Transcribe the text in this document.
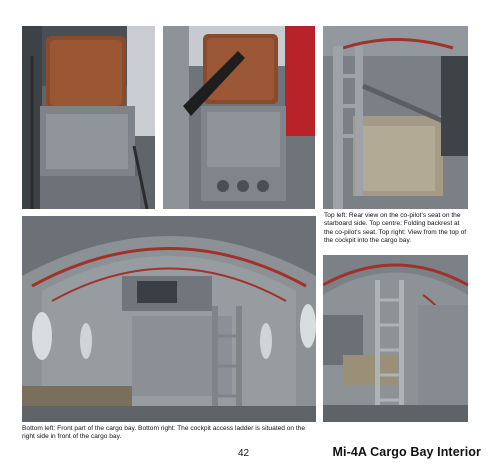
Top left: Rear view on the co-pilot's seat on the starboard side. Top centre: Folding backrest at the co-pilot's seat. Top right: View from the top of the cockpit into the cargo bay.
Bottom left: Front part of the cargo bay. Bottom right: The cockpit access ladder is situated on the right side in front of the cargo bay.
42	Mi-4A Cargo Bay Interior
